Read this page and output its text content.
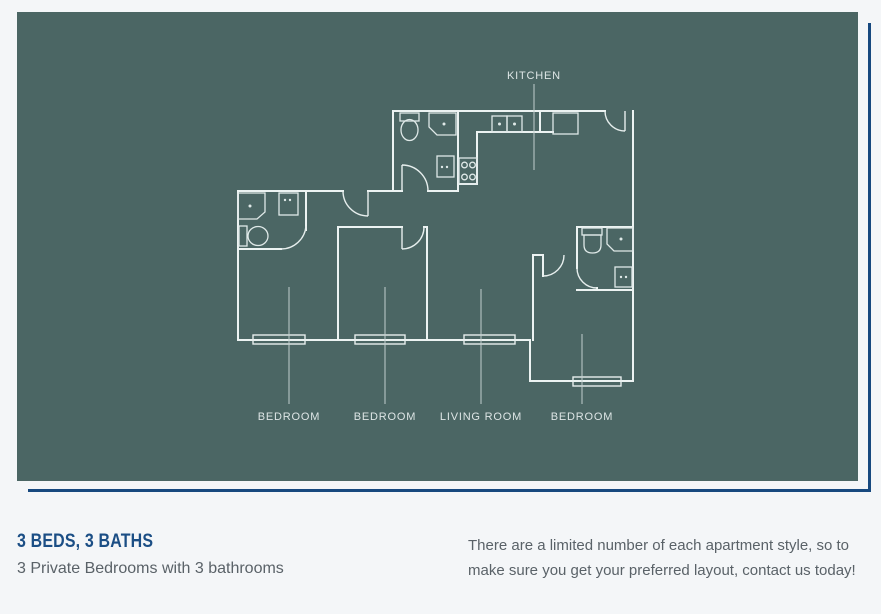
KITCHEN
BEDROOM	BEDROOM LIVING ROOM	BEDROOM
3 BEDS, 3 BATHS

3 Private Bedrooms with 3 bathrooms

There are a limited number of each apartment style, so to make sure you get your preferred layout, contact us today!
